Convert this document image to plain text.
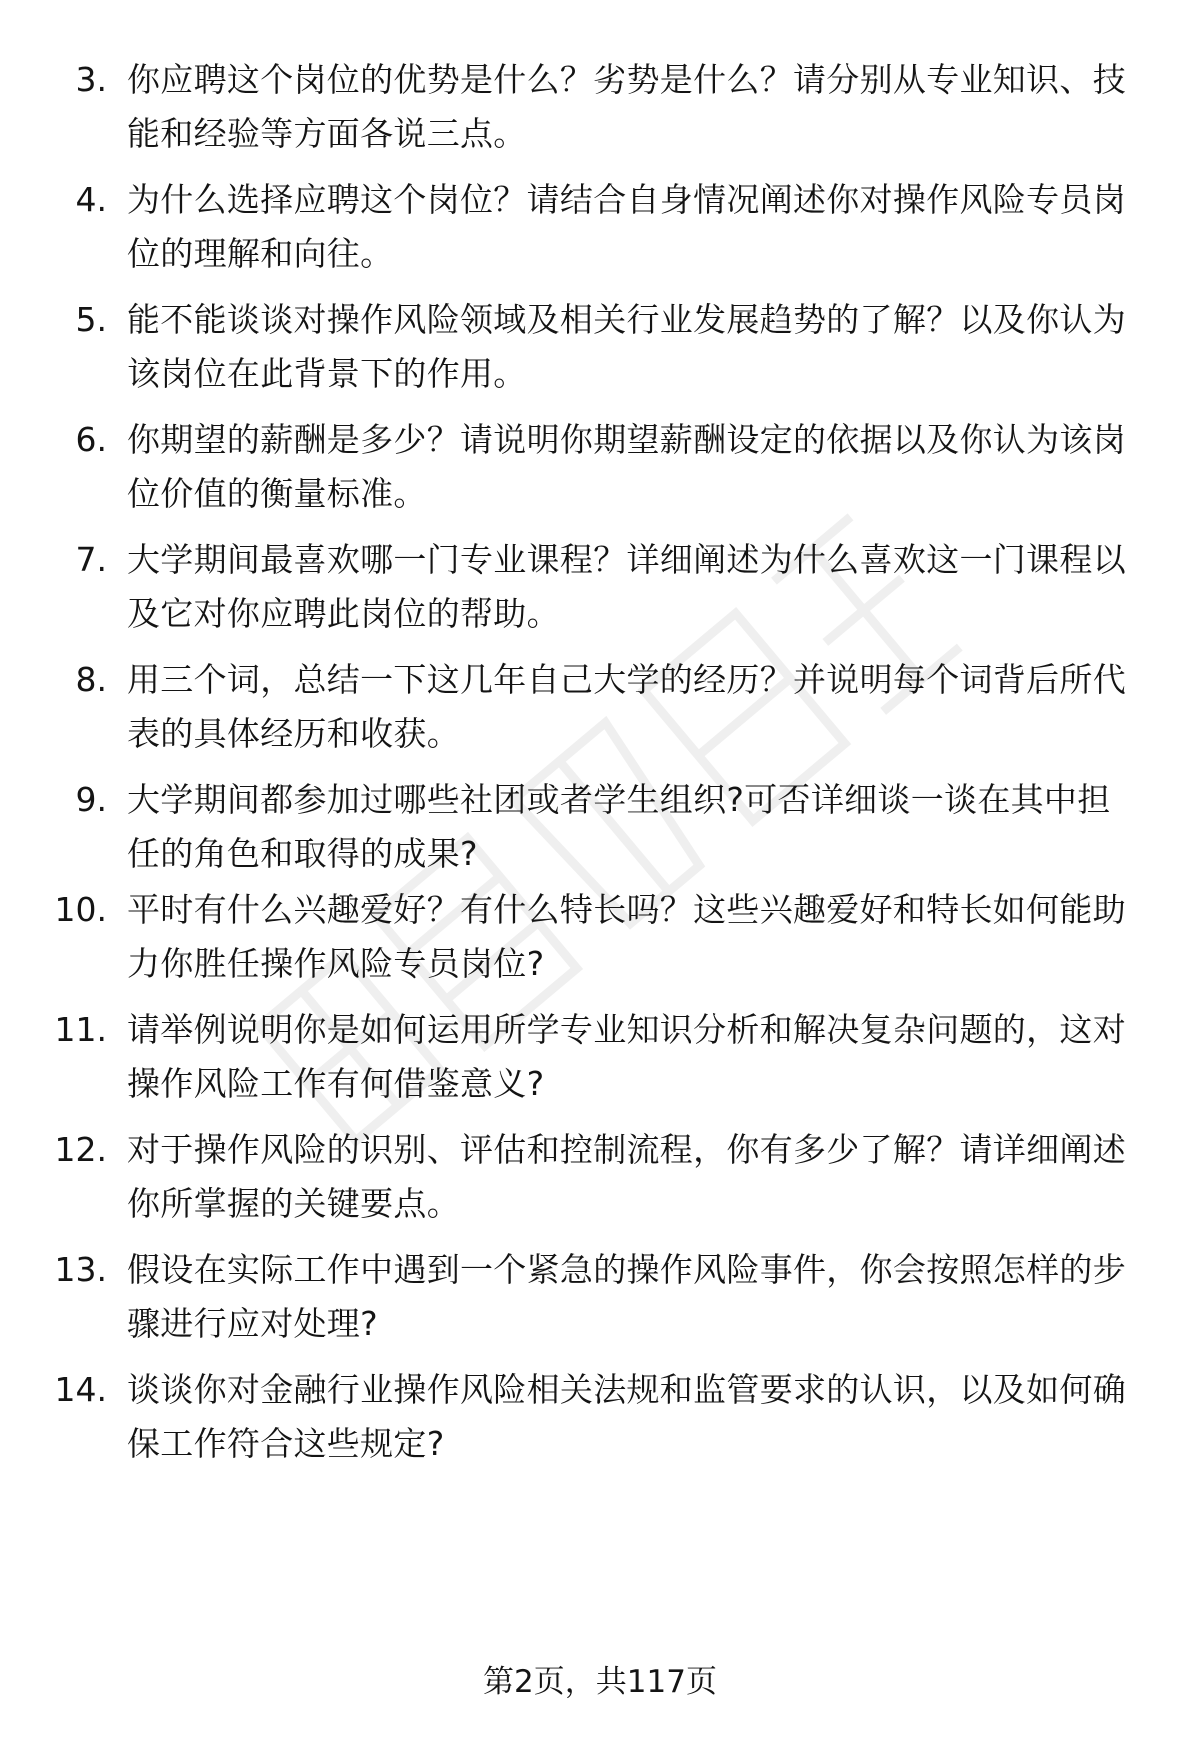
3. 你应聘这个岗位的优势是什么？劣势是什么？请分别从专业知识、技能和经验等方面各说三点。
4. 为什么选择应聘这个岗位？请结合自身情况阐述你对操作风险专员岗位的理解和向往。
5. 能不能谈谈对操作风险领域及相关行业发展趋势的了解？以及你认为该岗位在此背景下的作用。
6. 你期望的薪酬是多少？请说明你期望薪酬设定的依据以及你认为该岗位价值的衡量标准。
7. 大学期间最喜欢哪一门专业课程？详细阐述为什么喜欢这一门课程以及它对你应聘此岗位的帮助。
8. 用三个词，总结一下这几年自己大学的经历？并说明每个词背后所代表的具体经历和收获。
9. 大学期间都参加过哪些社团或者学生组织?可否详细谈一谈在其中担任的角色和取得的成果?
10. 平时有什么兴趣爱好？有什么特长吗？这些兴趣爱好和特长如何能助力你胜任操作风险专员岗位?
11. 请举例说明你是如何运用所学专业知识分析和解决复杂问题的，这对操作风险工作有何借鉴意义?
12. 对于操作风险的识别、评估和控制流程，你有多少了解？请详细阐述你所掌握的关键要点。
13. 假设在实际工作中遇到一个紧急的操作风险事件，你会按照怎样的步骤进行应对处理?
14. 谈谈你对金融行业操作风险相关法规和监管要求的认识，以及如何确保工作符合这些规定?
第2页，共117页
